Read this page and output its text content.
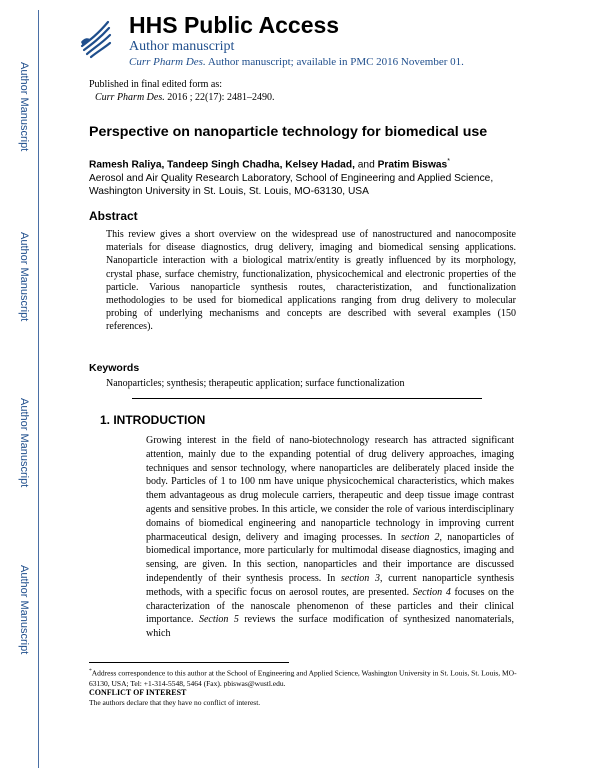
Author Manuscript
Author Manuscript
Author Manuscript
Author Manuscript
HHS Public Access
Author manuscript
Curr Pharm Des. Author manuscript; available in PMC 2016 November 01.
Published in final edited form as:
Curr Pharm Des. 2016 ; 22(17): 2481–2490.
Perspective on nanoparticle technology for biomedical use
Ramesh Raliya, Tandeep Singh Chadha, Kelsey Hadad, and Pratim Biswas*
Aerosol and Air Quality Research Laboratory, School of Engineering and Applied Science,
Washington University in St. Louis, St. Louis, MO-63130, USA
Abstract
This review gives a short overview on the widespread use of nanostructured and nanocomposite materials for disease diagnostics, drug delivery, imaging and biomedical sensing applications. Nanoparticle interaction with a biological matrix/entity is greatly influenced by its morphology, crystal phase, surface chemistry, functionalization, physicochemical and electronic properties of the particle. Various nanoparticle synthesis routes, characteristization, and functionalization methodologies to be used for biomedical applications ranging from drug delivery to molecular probing of underlying mechanisms and concepts are described with several examples (150 references).
Keywords
Nanoparticles; synthesis; therapeutic application; surface functionalization
1. INTRODUCTION
Growing interest in the field of nano-biotechnology research has attracted significant attention, mainly due to the expanding potential of drug delivery approaches, imaging techniques and sensor technology, where nanoparticles are deliberately placed inside the body. Particles of 1 to 100 nm have unique physicochemical characteristics, which makes them advantageous as drug molecule carriers, therapeutic and deep tissue image contrast agents and sensitive probes. In this article, we consider the role of various interdisciplinary domains of biomedical engineering and nanoparticle technology in improving current pharmaceutical design, delivery and imaging processes. In section 2, nanoparticles of biomedical importance, more particularly for multimodal disease diagnostics, imaging and sensing, are given. In this section, nanoparticles and their importance are discussed independently of their synthesis process. In section 3, current nanoparticle synthesis methods, with a specific focus on aerosol routes, are presented. Section 4 focuses on the characterization of the nanoscale phenomenon of these particles and their clinical importance. Section 5 reviews the surface modification of synthesized nanomaterials, which
*Address correspondence to this author at the School of Engineering and Applied Science, Washington University in St. Louis, St. Louis, MO-63130, USA; Tel: +1-314-5548, 5464 (Fax). pbiswas@wustl.edu.
CONFLICT OF INTEREST
The authors declare that they have no conflict of interest.
